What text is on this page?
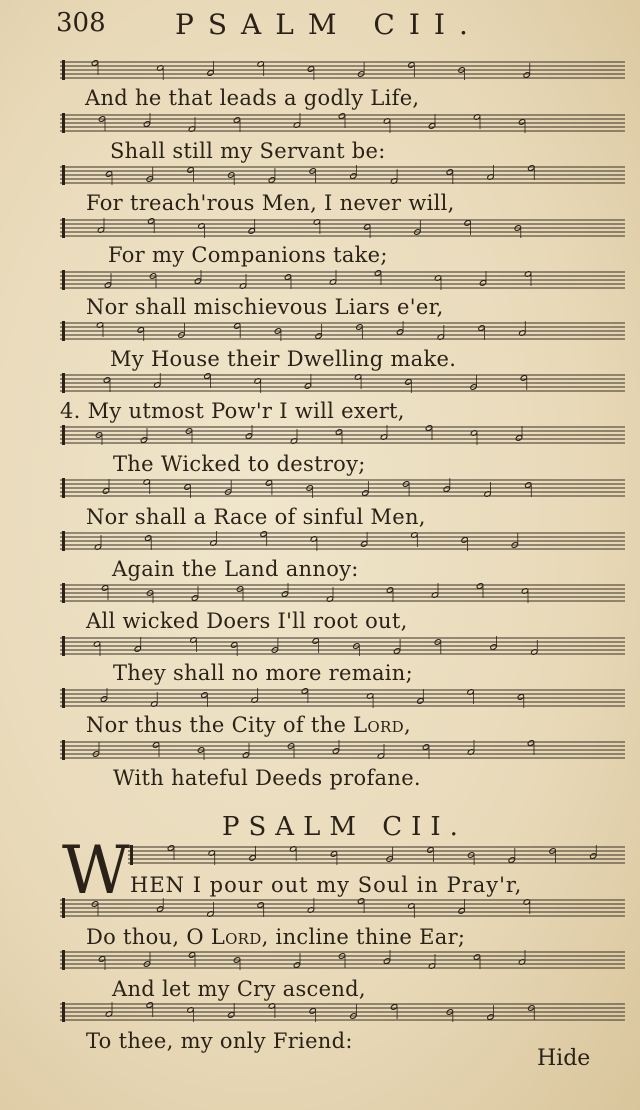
308 PSALM CII.
And he that leads a godly Life,
Shall still my Servant be:
For treach'rous Men, I never will,
For my Companions take;
Nor shall mischievous Liars e'er,
My House their Dwelling make.
4. My utmost Pow'r I will exert,
The Wicked to destroy;
Nor shall a Race of sinful Men,
Again the Land annoy:
All wicked Doers I'll root out,
They shall no more remain;
Nor thus the City of the Lord,
With hateful Deeds profane.
PSALM CII.
W HEN I pour out my Soul in Pray'r,
Do thou, O Lord, incline thine Ear;
And let my Cry ascend,
To thee, my only Friend:
Hide
